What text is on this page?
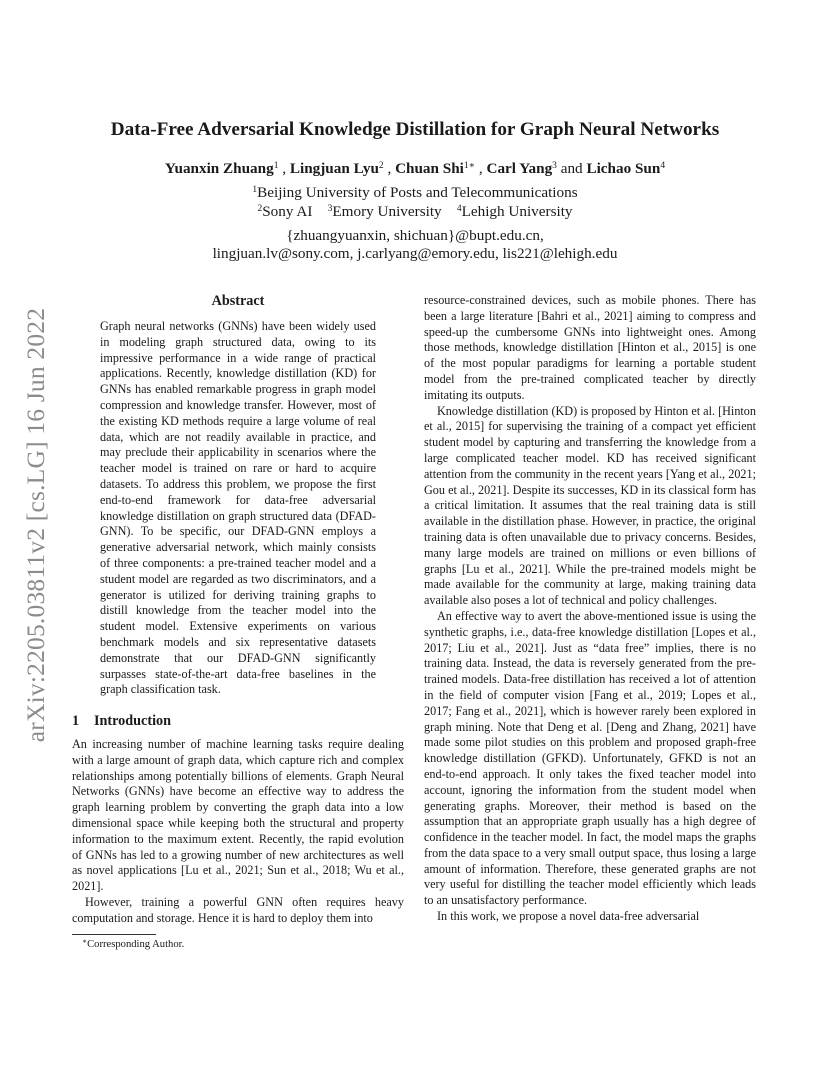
arXiv:2205.03811v2 [cs.LG] 16 Jun 2022
Data-Free Adversarial Knowledge Distillation for Graph Neural Networks
Yuanxin Zhuang$^1$ , Lingjuan Lyu$^2$ , Chuan Shi$^{1∗}$ , Carl Yang$^3$ and Lichao Sun$^4$
$^1$Beijing University of Posts and Telecommunications
$^2$Sony AI $^3$Emory University $^4$Lehigh University
{zhuangyuanxin, shichuan}@bupt.edu.cn,
lingjuan.lv@sony.com, j.carlyang@emory.edu, lis221@lehigh.edu
Abstract
Graph neural networks (GNNs) have been widely used in modeling graph structured data, owing to its impressive performance in a wide range of practical applications. Recently, knowledge distillation (KD) for GNNs has enabled remarkable progress in graph model compression and knowledge transfer. However, most of the existing KD methods require a large volume of real data, which are not readily available in practice, and may preclude their applicability in scenarios where the teacher model is trained on rare or hard to acquire datasets. To address this problem, we propose the first end-to-end framework for data-free adversarial knowledge distillation on graph structured data (DFAD-GNN). To be specific, our DFAD-GNN employs a generative adversarial network, which mainly consists of three components: a pre-trained teacher model and a student model are regarded as two discriminators, and a generator is utilized for deriving training graphs to distill knowledge from the teacher model into the student model. Extensive experiments on various benchmark models and six representative datasets demonstrate that our DFAD-GNN significantly surpasses state-of-the-art data-free baselines in the graph classification task.
1 Introduction

An increasing number of machine learning tasks require dealing with a large amount of graph data, which capture rich and complex relationships among potentially billions of elements. Graph Neural Networks (GNNs) have become an effective way to address the graph learning problem by converting the graph data into a low dimensional space while keeping both the structural and property information to the maximum extent. Recently, the rapid evolution of GNNs has led to a growing number of new architectures as well as novel applications [Lu et al., 2021; Sun et al., 2018; Wu et al., 2021].

However, training a powerful GNN often requires heavy computation and storage. Hence it is hard to deploy them into

∗Corresponding Author.

resource-constrained devices, such as mobile phones. There has been a large literature [Bahri et al., 2021] aiming to compress and speed-up the cumbersome GNNs into lightweight ones. Among those methods, knowledge distillation [Hinton et al., 2015] is one of the most popular paradigms for learning a portable student model from the pre-trained complicated teacher by directly imitating its outputs.

Knowledge distillation (KD) is proposed by Hinton et al. [Hinton et al., 2015] for supervising the training of a compact yet efficient student model by capturing and transferring the knowledge from a large complicated teacher model. KD has received significant attention from the community in the recent years [Yang et al., 2021; Gou et al., 2021]. Despite its successes, KD in its classical form has a critical limitation. It assumes that the real training data is still available in the distillation phase. However, in practice, the original training data is often unavailable due to privacy concerns. Besides, many large models are trained on millions or even billions of graphs [Lu et al., 2021]. While the pre-trained models might be made available for the community at large, making training data available also poses a lot of technical and policy challenges.

An effective way to avert the above-mentioned issue is using the synthetic graphs, i.e., data-free knowledge distillation [Lopes et al., 2017; Liu et al., 2021]. Just as “data free” implies, there is no training data. Instead, the data is reversely generated from the pre-trained models. Data-free distillation has received a lot of attention in the field of computer vision [Fang et al., 2019; Lopes et al., 2017; Fang et al., 2021], which is however rarely been explored in graph mining. Note that Deng et al. [Deng and Zhang, 2021] have made some pilot studies on this problem and proposed graph-free knowledge distillation (GFKD). Unfortunately, GFKD is not an end-to-end approach. It only takes the fixed teacher model into account, ignoring the information from the student model when generating graphs. Moreover, their method is based on the assumption that an appropriate graph usually has a high degree of confidence in the teacher model. In fact, the model maps the graphs from the data space to a very small output space, thus losing a large amount of information. Therefore, these generated graphs are not very useful for distilling the teacher model efficiently which leads to an unsatisfactory performance.

In this work, we propose a novel data-free adversarial
